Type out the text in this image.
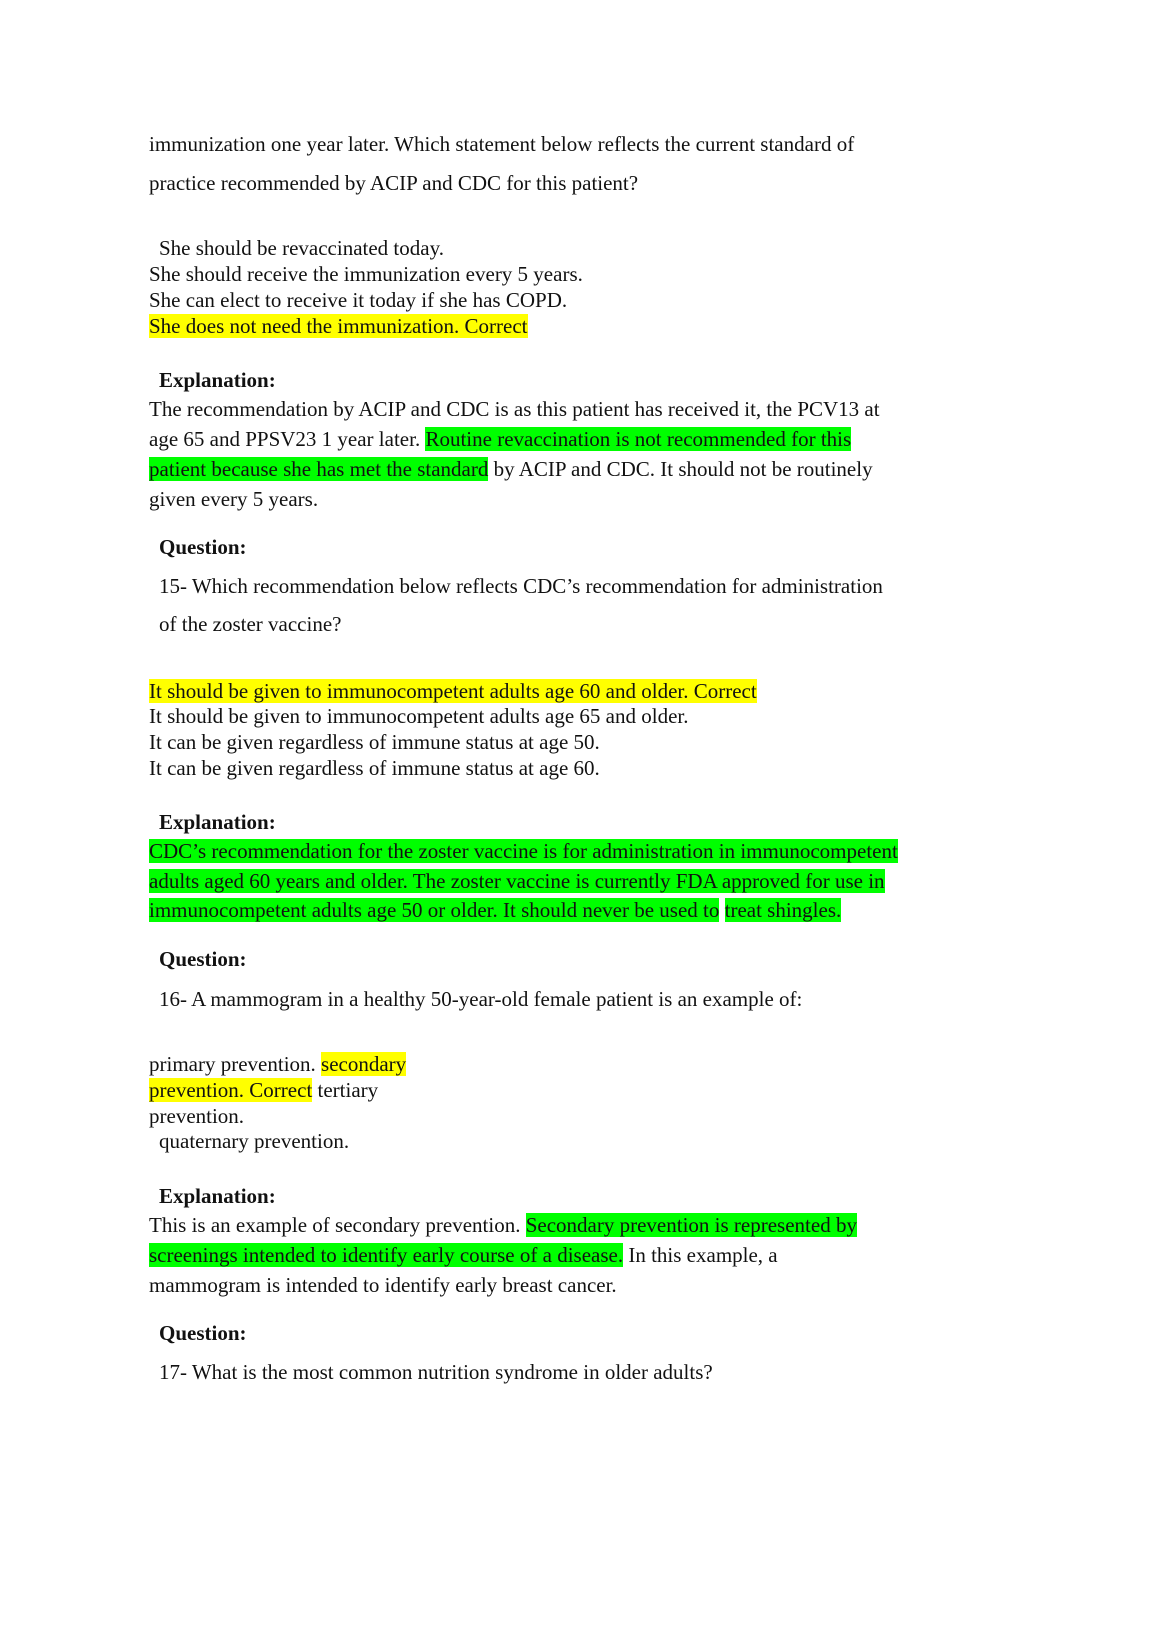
immunization one year later. Which statement below reflects the current standard of

practice recommended by ACIP and CDC for this patient?

She should be revaccinated today.

She should receive the immunization every 5 years.

She can elect to receive it today if she has COPD.

She does not need the immunization. Correct

Explanation:

The recommendation by ACIP and CDC is as this patient has received it, the PCV13 at

age 65 and PPSV23 1 year later. Routine revaccination is not recommended for this

patient because she has met the standard by ACIP and CDC. It should not be routinely

given every 5 years.

Question:

15- Which recommendation below reflects CDC’s recommendation for administration

of the zoster vaccine?

It should be given to immunocompetent adults age 60 and older. Correct

It should be given to immunocompetent adults age 65 and older.

It can be given regardless of immune status at age 50.

It can be given regardless of immune status at age 60.

Explanation:

CDC’s recommendation for the zoster vaccine is for administration in immunocompetent

adults aged 60 years and older. The zoster vaccine is currently FDA approved for use in

immunocompetent adults age 50 or older. It should never be used to treat shingles.

Question:

16- A mammogram in a healthy 50-year-old female patient is an example of:

primary prevention. secondary

prevention. Correct tertiary

prevention.

quaternary prevention.

Explanation:

This is an example of secondary prevention. Secondary prevention is represented by

screenings intended to identify early course of a disease. In this example, a

mammogram is intended to identify early breast cancer.

Question:

17- What is the most common nutrition syndrome in older adults?
